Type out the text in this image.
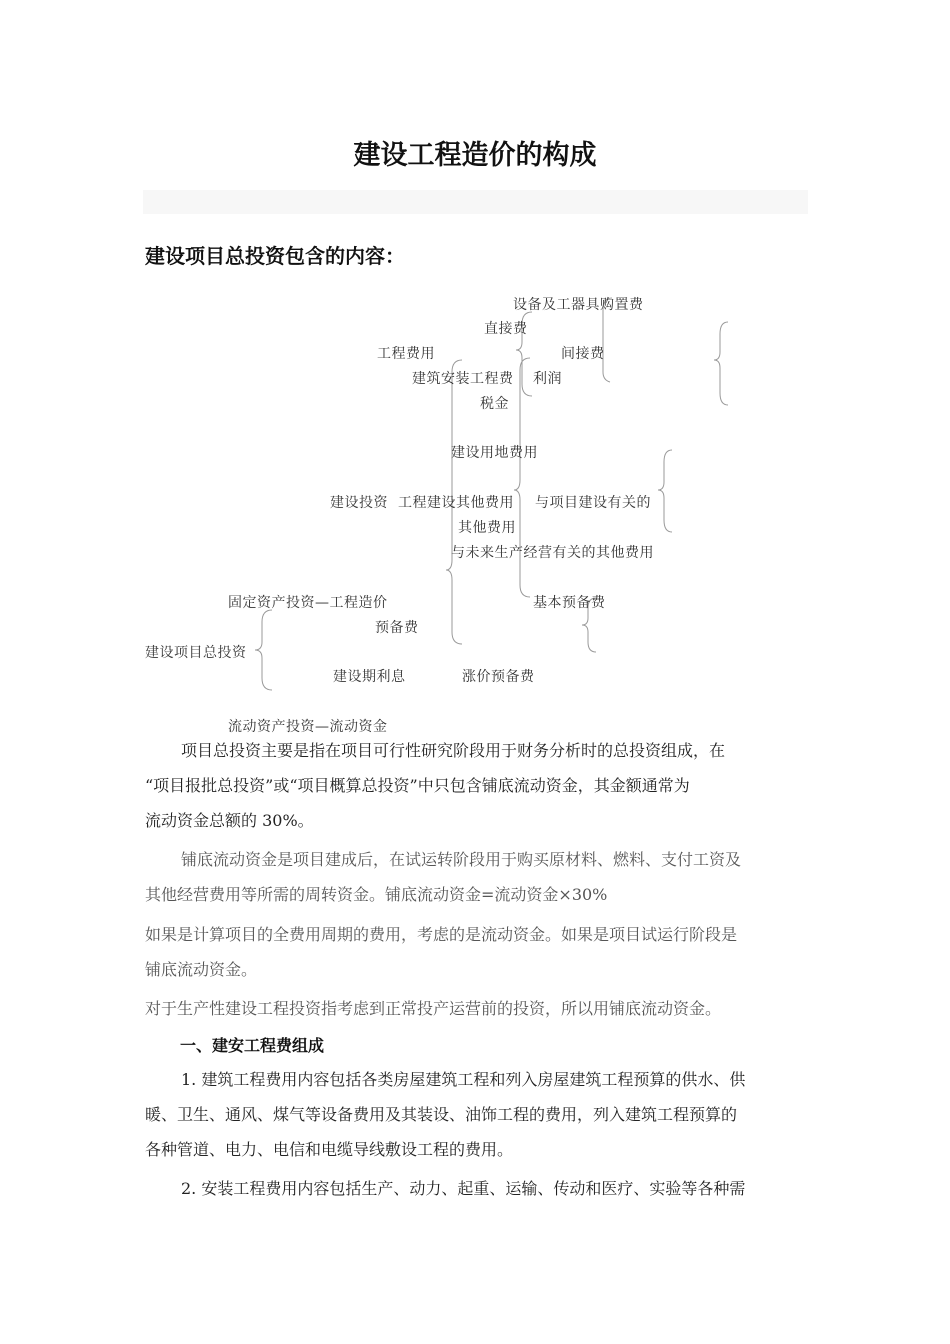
建设工程造价的构成
建设项目总投资包含的内容：
设备及工器具购置费
直接费
工程费用	间接费
建筑安装工程费 利润
税金
建设用地费用
建设投资 工程建设其他费用 与项目建设有关的
其他费用
与未来生产经营有关的其他费用
固定资产投资—工程造价	基本预备费
预备费
建设项目总投资
建设期利息	涨价预备费
流动资产投资—流动资金
项目总投资主要是指在项目可行性研究阶段用于财务分析时的总投资组成，在
“项目报批总投资”或“项目概算总投资”中只包含铺底流动资金，其金额通常为
流动资金总额的 30%。
铺底流动资金是项目建成后，在试运转阶段用于购买原材料、燃料、支付工资及
其他经营费用等所需的周转资金。铺底流动资金=流动资金×30%
如果是计算项目的全费用周期的费用，考虑的是流动资金。如果是项目试运行阶段是
铺底流动资金。
对于生产性建设工程投资指考虑到正常投产运营前的投资，所以用铺底流动资金。
一、建安工程费组成
1. 建筑工程费用内容包括各类房屋建筑工程和列入房屋建筑工程预算的供水、供
暖、卫生、通风、煤气等设备费用及其装设、油饰工程的费用，列入建筑工程预算的
各种管道、电力、电信和电缆导线敷设工程的费用。
2. 安装工程费用内容包括生产、动力、起重、运输、传动和医疗、实验等各种需
